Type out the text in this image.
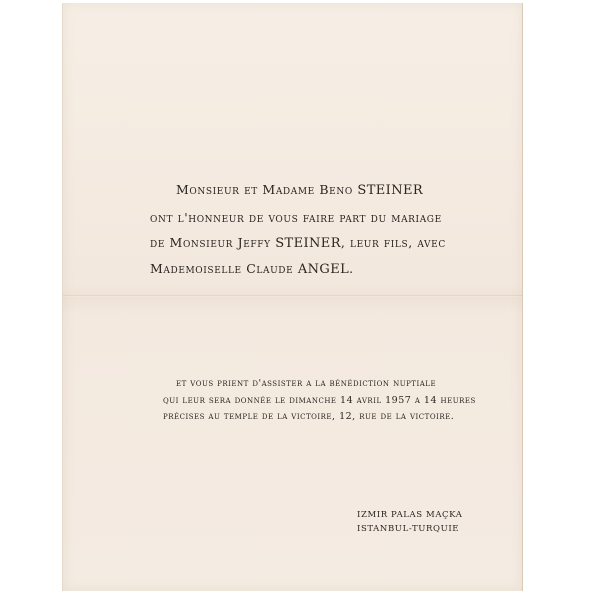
Monsieur et Madame Beno STEINER
ont l'honneur de vous faire part du mariage
de Monsieur Jeffy STEINER, leur fils, avec
Mademoiselle Claude ANGEL.
et vous prient d'assister a la bénédiction nuptiale
qui leur sera donnée le dimanche 14 avril 1957 a 14 heures
précises au temple de la victoire, 12, rue de la victoire.
IZMIR PALAS MAÇKA
ISTANBUL-TURQUIE
